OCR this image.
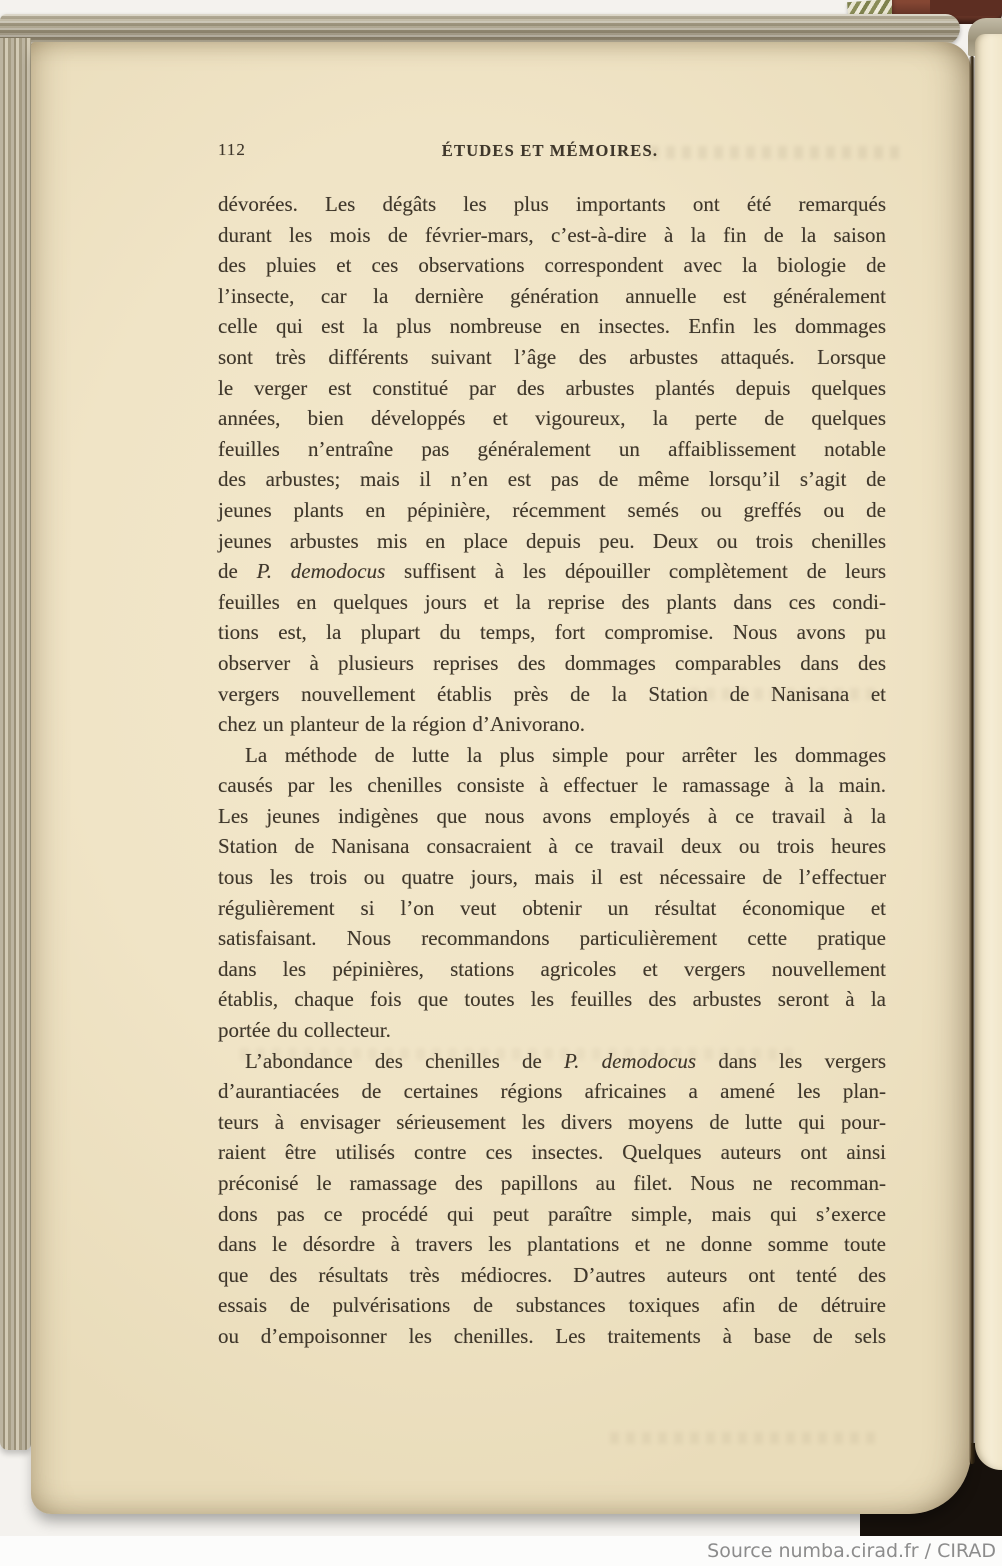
112	ÉTUDES ET MÉMOIRES.
dévorées. Les dégâts les plus importants ont été remarqués
durant les mois de février-mars, c’est-à-dire à la fin de la saison
des pluies et ces observations correspondent avec la biologie de
l’insecte, car la dernière génération annuelle est généralement
celle qui est la plus nombreuse en insectes. Enfin les dommages
sont très différents suivant l’âge des arbustes attaqués. Lorsque
le verger est constitué par des arbustes plantés depuis quelques
années, bien développés et vigoureux, la perte de quelques
feuilles n’entraîne pas généralement un affaiblissement notable
des arbustes; mais il n’en est pas de même lorsqu’il s’agit de
jeunes plants en pépinière, récemment semés ou greffés ou de
jeunes arbustes mis en place depuis peu. Deux ou trois chenilles
de P. demodocus suffisent à les dépouiller complètement de leurs
feuilles en quelques jours et la reprise des plants dans ces condi-
tions est, la plupart du temps, fort compromise. Nous avons pu
observer à plusieurs reprises des dommages comparables dans des
vergers nouvellement établis près de la Station de Nanisana et
chez un planteur de la région d’Anivorano.
La méthode de lutte la plus simple pour arrêter les dommages
causés par les chenilles consiste à effectuer le ramassage à la main.
Les jeunes indigènes que nous avons employés à ce travail à la
Station de Nanisana consacraient à ce travail deux ou trois heures
tous les trois ou quatre jours, mais il est nécessaire de l’effectuer
régulièrement si l’on veut obtenir un résultat économique et
satisfaisant. Nous recommandons particulièrement cette pratique
dans les pépinières, stations agricoles et vergers nouvellement
établis, chaque fois que toutes les feuilles des arbustes seront à la
portée du collecteur.
L’abondance des chenilles de P. demodocus dans les vergers
d’aurantiacées de certaines régions africaines a amené les plan-
teurs à envisager sérieusement les divers moyens de lutte qui pour-
raient être utilisés contre ces insectes. Quelques auteurs ont ainsi
préconisé le ramassage des papillons au filet. Nous ne recomman-
dons pas ce procédé qui peut paraître simple, mais qui s’exerce
dans le désordre à travers les plantations et ne donne somme toute
que des résultats très médiocres. D’autres auteurs ont tenté des
essais de pulvérisations de substances toxiques afin de détruire
ou d’empoisonner les chenilles. Les traitements à base de sels
Source numba.cirad.fr / CIRAD
